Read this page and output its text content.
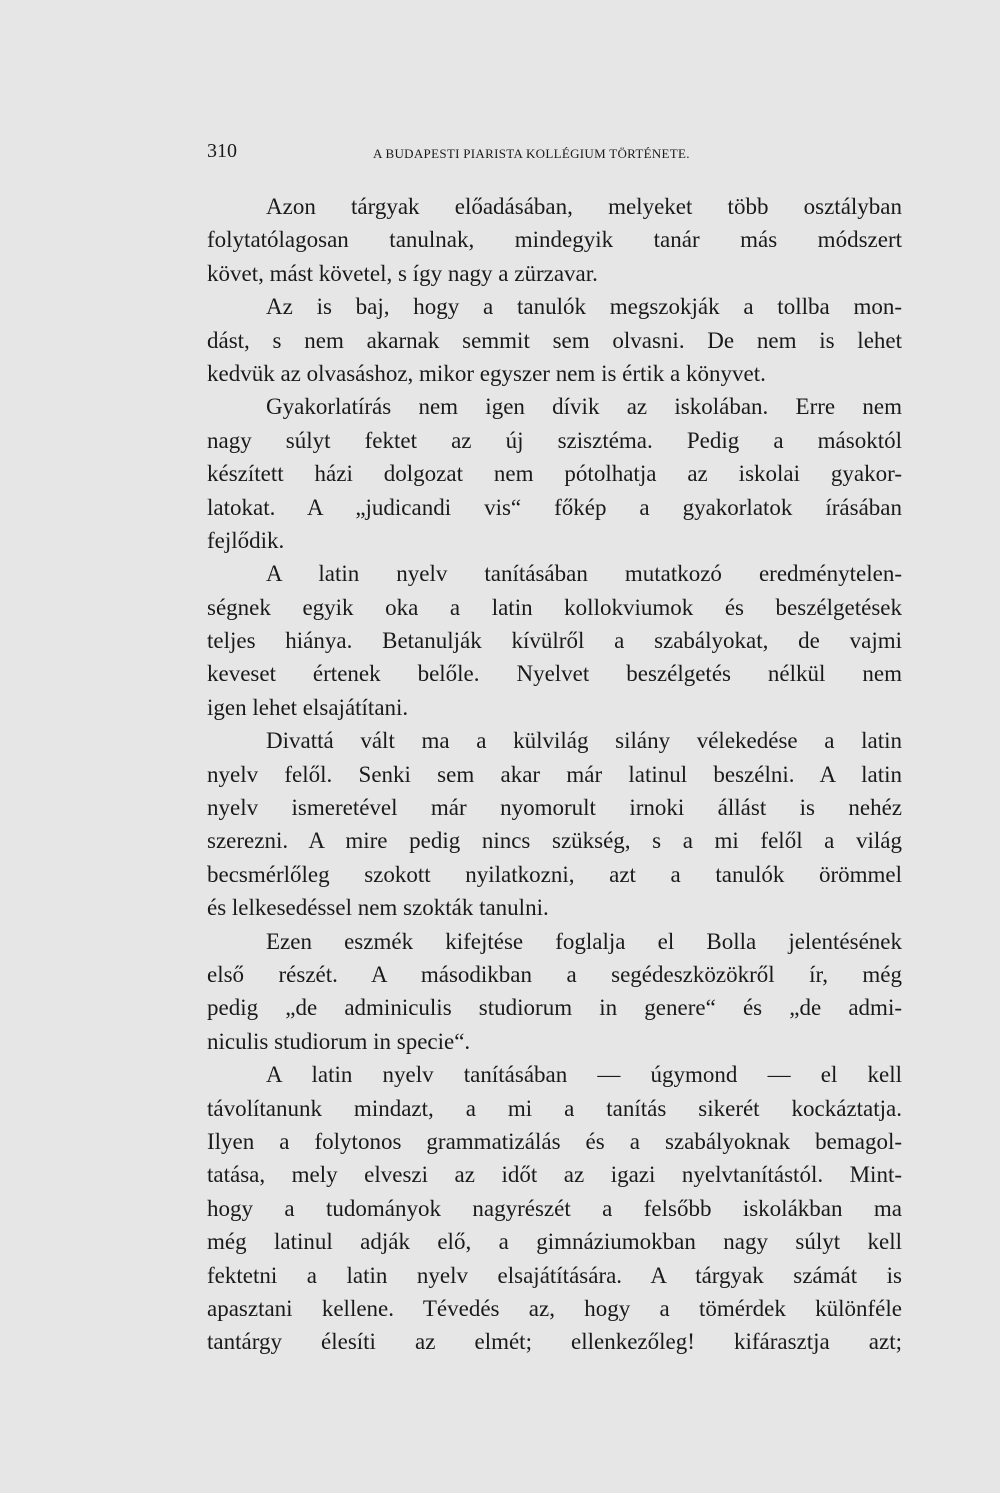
310	A BUDAPESTI PIARISTA KOLLÉGIUM TÖRTÉNETE.
Azon tárgyak előadásában, melyeket több osztályban
folytatólagosan tanulnak, mindegyik tanár más módszert
követ, mást követel, s így nagy a zürzavar.
Az is baj, hogy a tanulók megszokják a tollba mon-
dást, s nem akarnak semmit sem olvasni. De nem is lehet
kedvük az olvasáshoz, mikor egyszer nem is értik a könyvet.
Gyakorlatírás nem igen dívik az iskolában. Erre nem
nagy súlyt fektet az új szisztéma. Pedig a másoktól
készített házi dolgozat nem pótolhatja az iskolai gyakor-
latokat. A „judicandi vis“ főkép a gyakorlatok írásában
fejlődik.
A latin nyelv tanításában mutatkozó eredménytelen-
ségnek egyik oka a latin kollokviumok és beszélgetések
teljes hiánya. Betanulják kívülről a szabályokat, de vajmi
keveset értenek belőle. Nyelvet beszélgetés nélkül nem
igen lehet elsajátítani.
Divattá vált ma a külvilág silány vélekedése a latin
nyelv felől. Senki sem akar már latinul beszélni. A latin
nyelv ismeretével már nyomorult irnoki állást is nehéz
szerezni. A mire pedig nincs szükség, s a mi felől a világ
becsmérlőleg szokott nyilatkozni, azt a tanulók örömmel
és lelkesedéssel nem szokták tanulni.
Ezen eszmék kifejtése foglalja el Bolla jelentésének
első részét. A másodikban a segédeszközökről ír, még
pedig „de adminiculis studiorum in genere“ és „de admi-
niculis studiorum in specie“.
A latin nyelv tanításában — úgymond — el kell
távolítanunk mindazt, a mi a tanítás sikerét kockáztatja.
Ilyen a folytonos grammatizálás és a szabályoknak bemagol-
tatása, mely elveszi az időt az igazi nyelvtanítástól. Mint-
hogy a tudományok nagyrészét a felsőbb iskolákban ma
még latinul adják elő, a gimnáziumokban nagy súlyt kell
fektetni a latin nyelv elsajátítására. A tárgyak számát is
apasztani kellene. Tévedés az, hogy a tömérdek különféle
tantárgy élesíti az elmét; ellenkezőleg! kifárasztja azt;
